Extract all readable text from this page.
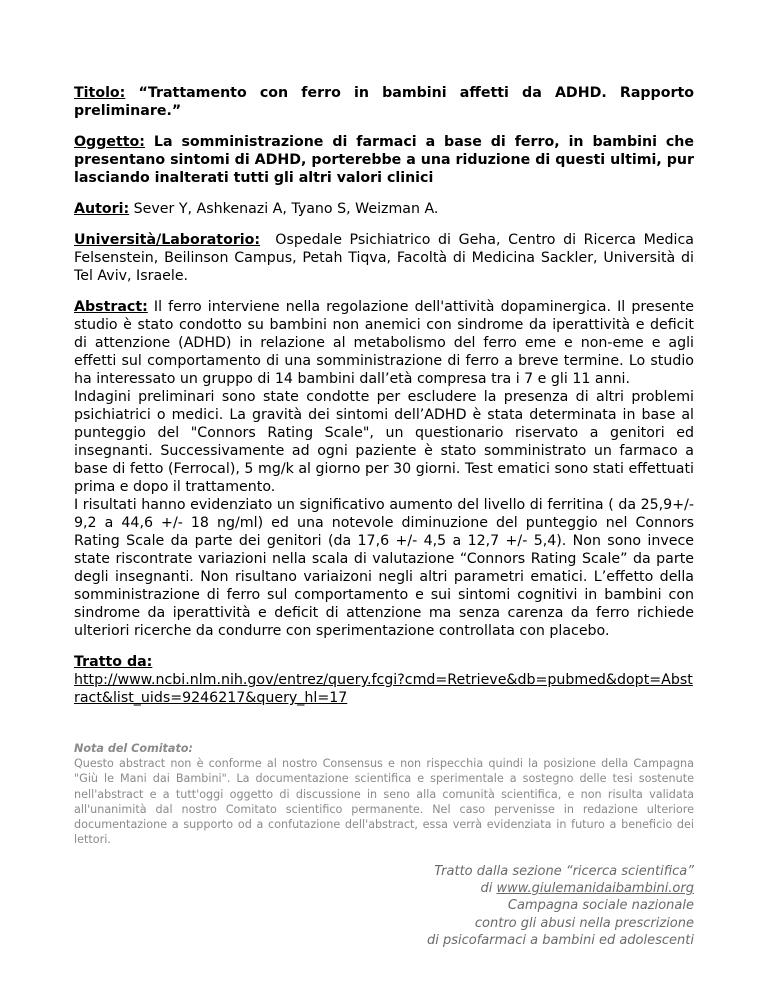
Titolo: “Trattamento con ferro in bambini affetti da ADHD. Rapporto preliminare.”

Oggetto: La somministrazione di farmaci a base di ferro, in bambini che presentano sintomi di ADHD, porterebbe a una riduzione di questi ultimi, pur lasciando inalterati tutti gli altri valori clinici

Autori: Sever Y, Ashkenazi A, Tyano S, Weizman A.

Università/Laboratorio:  Ospedale Psichiatrico di Geha, Centro di Ricerca Medica Felsenstein, Beilinson Campus, Petah Tiqva, Facoltà di Medicina Sackler, Università di Tel Aviv, Israele.

Abstract: Il ferro interviene nella regolazione dell'attività dopaminergica. Il presente studio è stato condotto su bambini non anemici con sindrome da iperattività e deficit di attenzione (ADHD) in relazione al metabolismo del ferro eme e non-eme e agli effetti sul comportamento di una somministrazione di ferro a breve termine. Lo studio ha interessato un gruppo di 14 bambini dall’età compresa tra i 7 e gli 11 anni.
Indagini preliminari sono state condotte per escludere la presenza di altri problemi psichiatrici o medici. La gravità dei sintomi dell’ADHD è stata determinata in base al punteggio del "Connors Rating Scale", un questionario riservato a genitori ed insegnanti. Successivamente ad ogni paziente è stato somministrato un farmaco a base di fetto (Ferrocal), 5 mg/k al giorno per 30 giorni. Test ematici sono stati effettuati prima e dopo il trattamento.
I risultati hanno evidenziato un significativo aumento del livello di ferritina ( da 25,9+/- 9,2 a 44,6 +/- 18 ng/ml) ed una notevole diminuzione del punteggio nel Connors Rating Scale da parte dei genitori (da 17,6 +/- 4,5 a 12,7 +/- 5,4). Non sono invece state riscontrate variazioni nella scala di valutazione “Connors Rating Scale” da parte degli insegnanti. Non risultano variaizoni negli altri parametri ematici. L’effetto della somministrazione di ferro sul comportamento e sui sintomi cognitivi in bambini con sindrome da iperattività e deficit di attenzione ma senza carenza da ferro richiede ulteriori ricerche da condurre con sperimentazione controllata con placebo.

Tratto da:
http://www.ncbi.nlm.nih.gov/entrez/query.fcgi?cmd=Retrieve&db=pubmed&dopt=Abstract&list_uids=9246217&query_hl=17
Nota del Comitato:
Questo abstract non è conforme al nostro Consensus e non rispecchia quindi la posizione della Campagna "Giù le Mani dai Bambini". La documentazione scientifica e sperimentale a sostegno delle tesi sostenute nell'abstract e a tutt'oggi oggetto di discussione in seno alla comunità scientifica, e non risulta validata all'unanimità dal nostro Comitato scientifico permanente. Nel caso pervenisse in redazione ulteriore documentazione a supporto od a confutazione dell'abstract, essa verrà evidenziata in futuro a beneficio dei lettori.
Tratto dalla sezione “ricerca scientifica”
di www.giulemanidaibambini.org
Campagna sociale nazionale
contro gli abusi nella prescrizione
di psicofarmaci a bambini ed adolescenti
